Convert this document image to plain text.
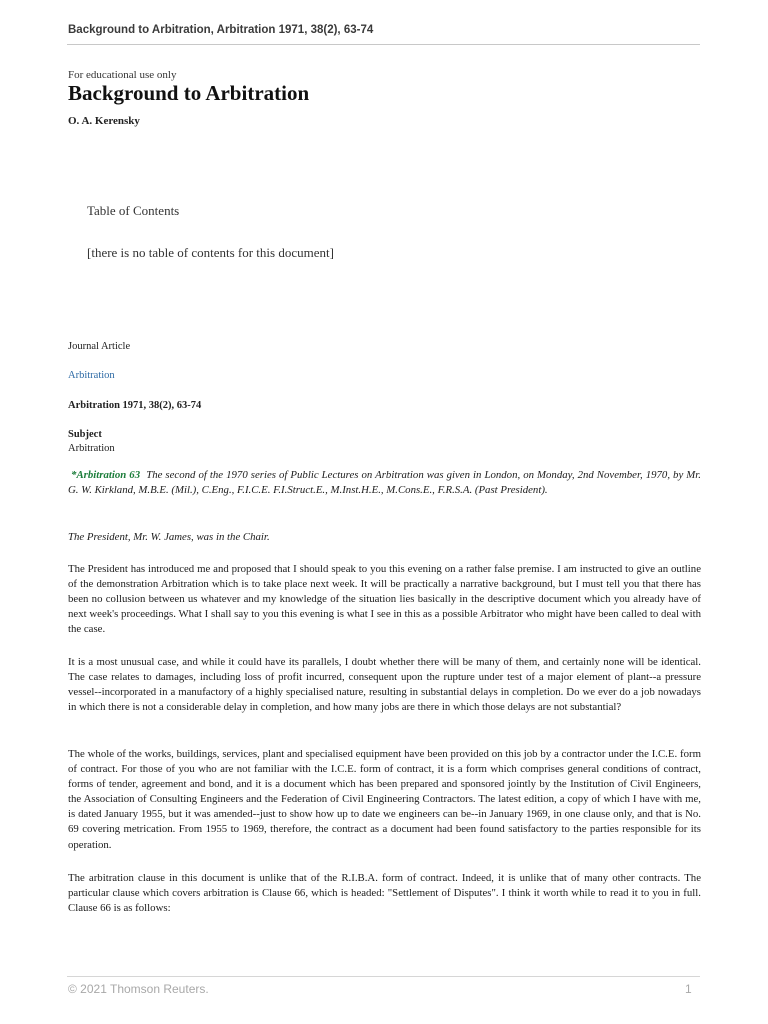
Background to Arbitration, Arbitration 1971, 38(2), 63-74
For educational use only
Background to Arbitration
O. A. Kerensky
Table of Contents
[there is no table of contents for this document]
Journal Article
Arbitration
Arbitration 1971, 38(2), 63-74
Subject
Arbitration

*Arbitration 63 The second of the 1970 series of Public Lectures on Arbitration was given in London, on Monday, 2nd November, 1970, by Mr. G. W. Kirkland, M.B.E. (Mil.), C.Eng., F.I.C.E. F.I.Struct.E., M.Inst.H.E., M.Cons.E., F.R.S.A. (Past President).

The President, Mr. W. James, was in the Chair.

The President has introduced me and proposed that I should speak to you this evening on a rather false premise. I am instructed to give an outline of the demonstration Arbitration which is to take place next week. It will be practically a narrative background, but I must tell you that there has been no collusion between us whatever and my knowledge of the situation lies basically in the descriptive document which you already have of next week's proceedings. What I shall say to you this evening is what I see in this as a possible Arbitrator who might have been called to deal with the case.

It is a most unusual case, and while it could have its parallels, I doubt whether there will be many of them, and certainly none will be identical. The case relates to damages, including loss of profit incurred, consequent upon the rupture under test of a major element of plant--a pressure vessel--incorporated in a manufactory of a highly specialised nature, resulting in substantial delays in completion. Do we ever do a job nowadays in which there is not a considerable delay in completion, and how many jobs are there in which those delays are not substantial?

The whole of the works, buildings, services, plant and specialised equipment have been provided on this job by a contractor under the I.C.E. form of contract. For those of you who are not familiar with the I.C.E. form of contract, it is a form which comprises general conditions of contract, forms of tender, agreement and bond, and it is a document which has been prepared and sponsored jointly by the Institution of Civil Engineers, the Association of Consulting Engineers and the Federation of Civil Engineering Contractors. The latest edition, a copy of which I have with me, is dated January 1955, but it was amended--just to show how up to date we engineers can be--in January 1969, in one clause only, and that is No. 69 covering metrication. From 1955 to 1969, therefore, the contract as a document had been found satisfactory to the parties responsible for its operation.

The arbitration clause in this document is unlike that of the R.I.B.A. form of contract. Indeed, it is unlike that of many other contracts. The particular clause which covers arbitration is Clause 66, which is headed: "Settlement of Disputes". I think it worth while to read it to you in full. Clause 66 is as follows:

© 2021 Thomson Reuters.	1
